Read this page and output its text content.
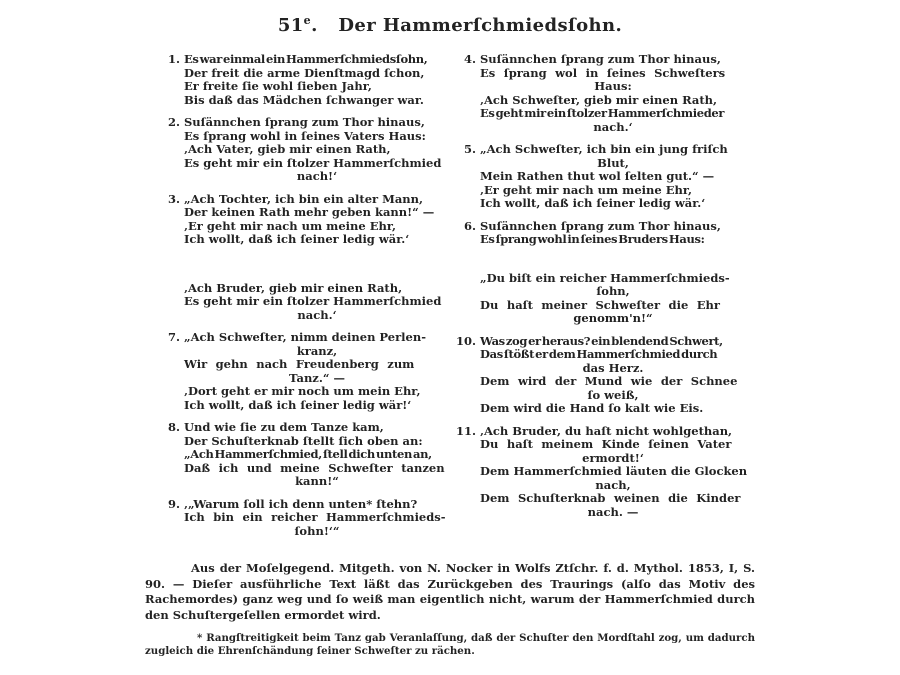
51e. Der Hammerſchmiedsſohn.
1. Es war einmal ein Hammerſchmiedsſohn,
Der freit die arme Dienſtmagd ſchon,
Er freite ſie wohl ſieben Jahr,
Bis daß das Mädchen ſchwanger war.
2. Suſännchen ſprang zum Thor hinaus,
Es ſprang wohl in ſeines Vaters Haus:
‚Ach Vater, gieb mir einen Rath,
Es geht mir ein ſtolzer Hammerſchmied
nach!‘
3. „Ach Tochter, ich bin ein alter Mann,
Der keinen Rath mehr geben kann!“ —
‚Er geht mir nach um meine Ehr,
Ich wollt, daß ich ſeiner ledig wär.‘
‚Ach Bruder, gieb mir einen Rath,
Es geht mir ein ſtolzer Hammerſchmied
nach.‘
7. „Ach Schweſter, nimm deinen Perlen-
kranz,
Wir gehn nach Freudenberg zum
Tanz.“ —
‚Dort geht er mir noch um mein Ehr,
Ich wollt, daß ich ſeiner ledig wär!‘
8. Und wie ſie zu dem Tanze kam,
Der Schuſterknab ſtellt ſich oben an:
„Ach Hammerſchmied, ſtell dich unten an,
Daß ich und meine Schweſter tanzen
kann!“
9. ‚„Warum ſoll ich denn unten* ſtehn?
Ich bin ein reicher Hammerſchmieds-
ſohn!‘“
4. Suſännchen ſprang zum Thor hinaus,
Es ſprang wol in ſeines Schweſters
Haus:
‚Ach Schweſter, gieb mir einen Rath,
Es geht mir ein ſtolzer Hammerſchmieder
nach.‘
5. „Ach Schweſter, ich bin ein jung friſch
Blut,
Mein Rathen thut wol ſelten gut.“ —
‚Er geht mir nach um meine Ehr,
Ich wollt, daß ich ſeiner ledig wär.‘
6. Suſännchen ſprang zum Thor hinaus,
Es ſprang wohl in ſeines Bruders Haus:
„Du biſt ein reicher Hammerſchmieds-
ſohn,
Du haſt meiner Schweſter die Ehr
genomm'n!“
10. Was zog er heraus? ein blendend Schwert,
Das ſtößt er dem Hammerſchmied durch
das Herz.
Dem wird der Mund wie der Schnee
ſo weiß,
Dem wird die Hand ſo kalt wie Eis.
11. ‚Ach Bruder, du haſt nicht wohlgethan,
Du haſt meinem Kinde ſeinen Vater
ermordt!‘
Dem Hammerſchmied läuten die Glocken
nach,
Dem Schuſterknab weinen die Kinder
nach. —
Aus der Moſelgegend. Mitgeth. von N. Nocker in Wolfs Ztſchr. f. d. Mythol. 1853, I, S. 90. — Dieſer ausführliche Text läßt das Zurückgeben des Traurings (alſo das Motiv des Rachemordes) ganz weg und ſo weiß man eigentlich nicht, warum der Hammerſchmied durch den Schuſtergeſellen ermordet wird.
* Rangſtreitigkeit beim Tanz gab Veranlaſſung, daß der Schuſter den Mordſtahl zog, um dadurch zugleich die Ehrenſchändung ſeiner Schweſter zu rächen.
